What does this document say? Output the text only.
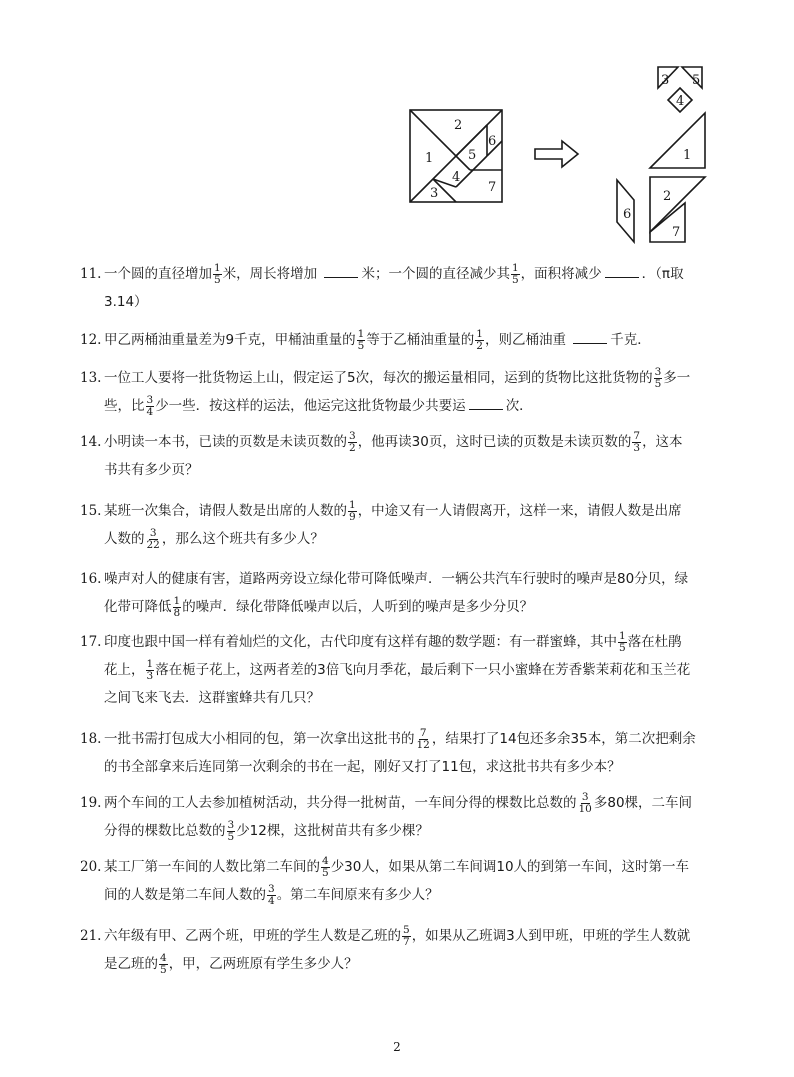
1
2
3
4
5
6
7
3
4
5
1
2
6
7
11. 一个圆的直径增加 $\frac{1}{5}$ 米，周长将增加	米；一个圆的直径减少其 $\frac{1}{5}$ ，面积将减少	．（π取
3.14）
12. 甲乙两桶油重量差为9千克，甲桶油重量的 $\frac{1}{5}$ 等于乙桶油重量的 $\frac{1}{2}$ ，则乙桶油重	千克．
13. 一位工人要将一批货物运上山，假定运了5次，每次的搬运量相同，运到的货物比这批货物的 $\frac{3}{5}$ 多一
些，比 $\frac{3}{4}$ 少一些．按这样的运法，他运完这批货物最少共要运	次．
14. 小明读一本书，已读的页数是未读页数的 $\frac{3}{2}$ ，他再读30页，这时已读的页数是未读页数的 $\frac{7}{3}$ ，这本
书共有多少页？
15. 某班一次集合，请假人数是出席的人数的 $\frac{1}{9}$ ，中途又有一人请假离开，这样一来，请假人数是出席
人数的 $\frac{3}{22}$ ，那么这个班共有多少人？
16. 噪声对人的健康有害，道路两旁设立绿化带可降低噪声．一辆公共汽车行驶时的噪声是80分贝，绿
化带可降低 $\frac{1}{8}$ 的噪声．绿化带降低噪声以后，人听到的噪声是多少分贝？
17. 印度也跟中国一样有着灿烂的文化，古代印度有这样有趣的数学题：有一群蜜蜂，其中 $\frac{1}{5}$ 落在杜鹃
花上， $\frac{1}{3}$ 落在栀子花上，这两者差的3倍飞向月季花，最后剩下一只小蜜蜂在芳香紫茉莉花和玉兰花
之间飞来飞去．这群蜜蜂共有几只？
18. 一批书需打包成大小相同的包，第一次拿出这批书的 $\frac{7}{12}$ ，结果打了14包还多余35本，第二次把剩余
的书全部拿来后连同第一次剩余的书在一起，刚好又打了11包，求这批书共有多少本？
19. 两个车间的工人去参加植树活动，共分得一批树苗，一车间分得的棵数比总数的 $\frac{3}{10}$ 多80棵，二车间
分得的棵数比总数的 $\frac{3}{5}$ 少12棵，这批树苗共有多少棵？
20. 某工厂第一车间的人数比第二车间的 $\frac{4}{5}$ 少30人，如果从第二车间调10人的到第一车间，这时第一车
间的人数是第二车间人数的 $\frac{3}{4}$ 。第二车间原来有多少人？
21. 六年级有甲、乙两个班，甲班的学生人数是乙班的 $\frac{5}{7}$ ，如果从乙班调3人到甲班，甲班的学生人数就
是乙班的 $\frac{4}{5}$ ，甲，乙两班原有学生多少人？
2
